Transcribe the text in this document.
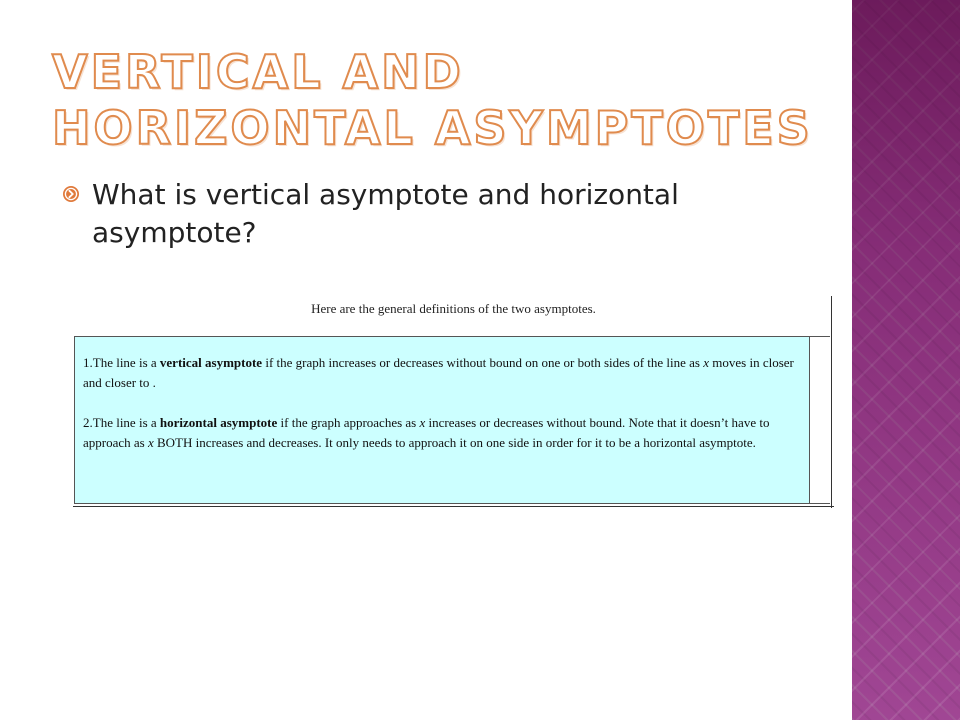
VERTICAL AND HORIZONTAL ASYMPTOTES
What is vertical asymptote and horizontal asymptote?
Here are the general definitions of the two asymptotes.

1.The line is a vertical asymptote if the graph increases or decreases without bound on one or both sides of the line as x moves in closer and closer to .

2.The line is a horizontal asymptote if the graph approaches as x increases or decreases without bound. Note that it doesn’t have to approach as x BOTH increases and decreases. It only needs to approach it on one side in order for it to be a horizontal asymptote.
